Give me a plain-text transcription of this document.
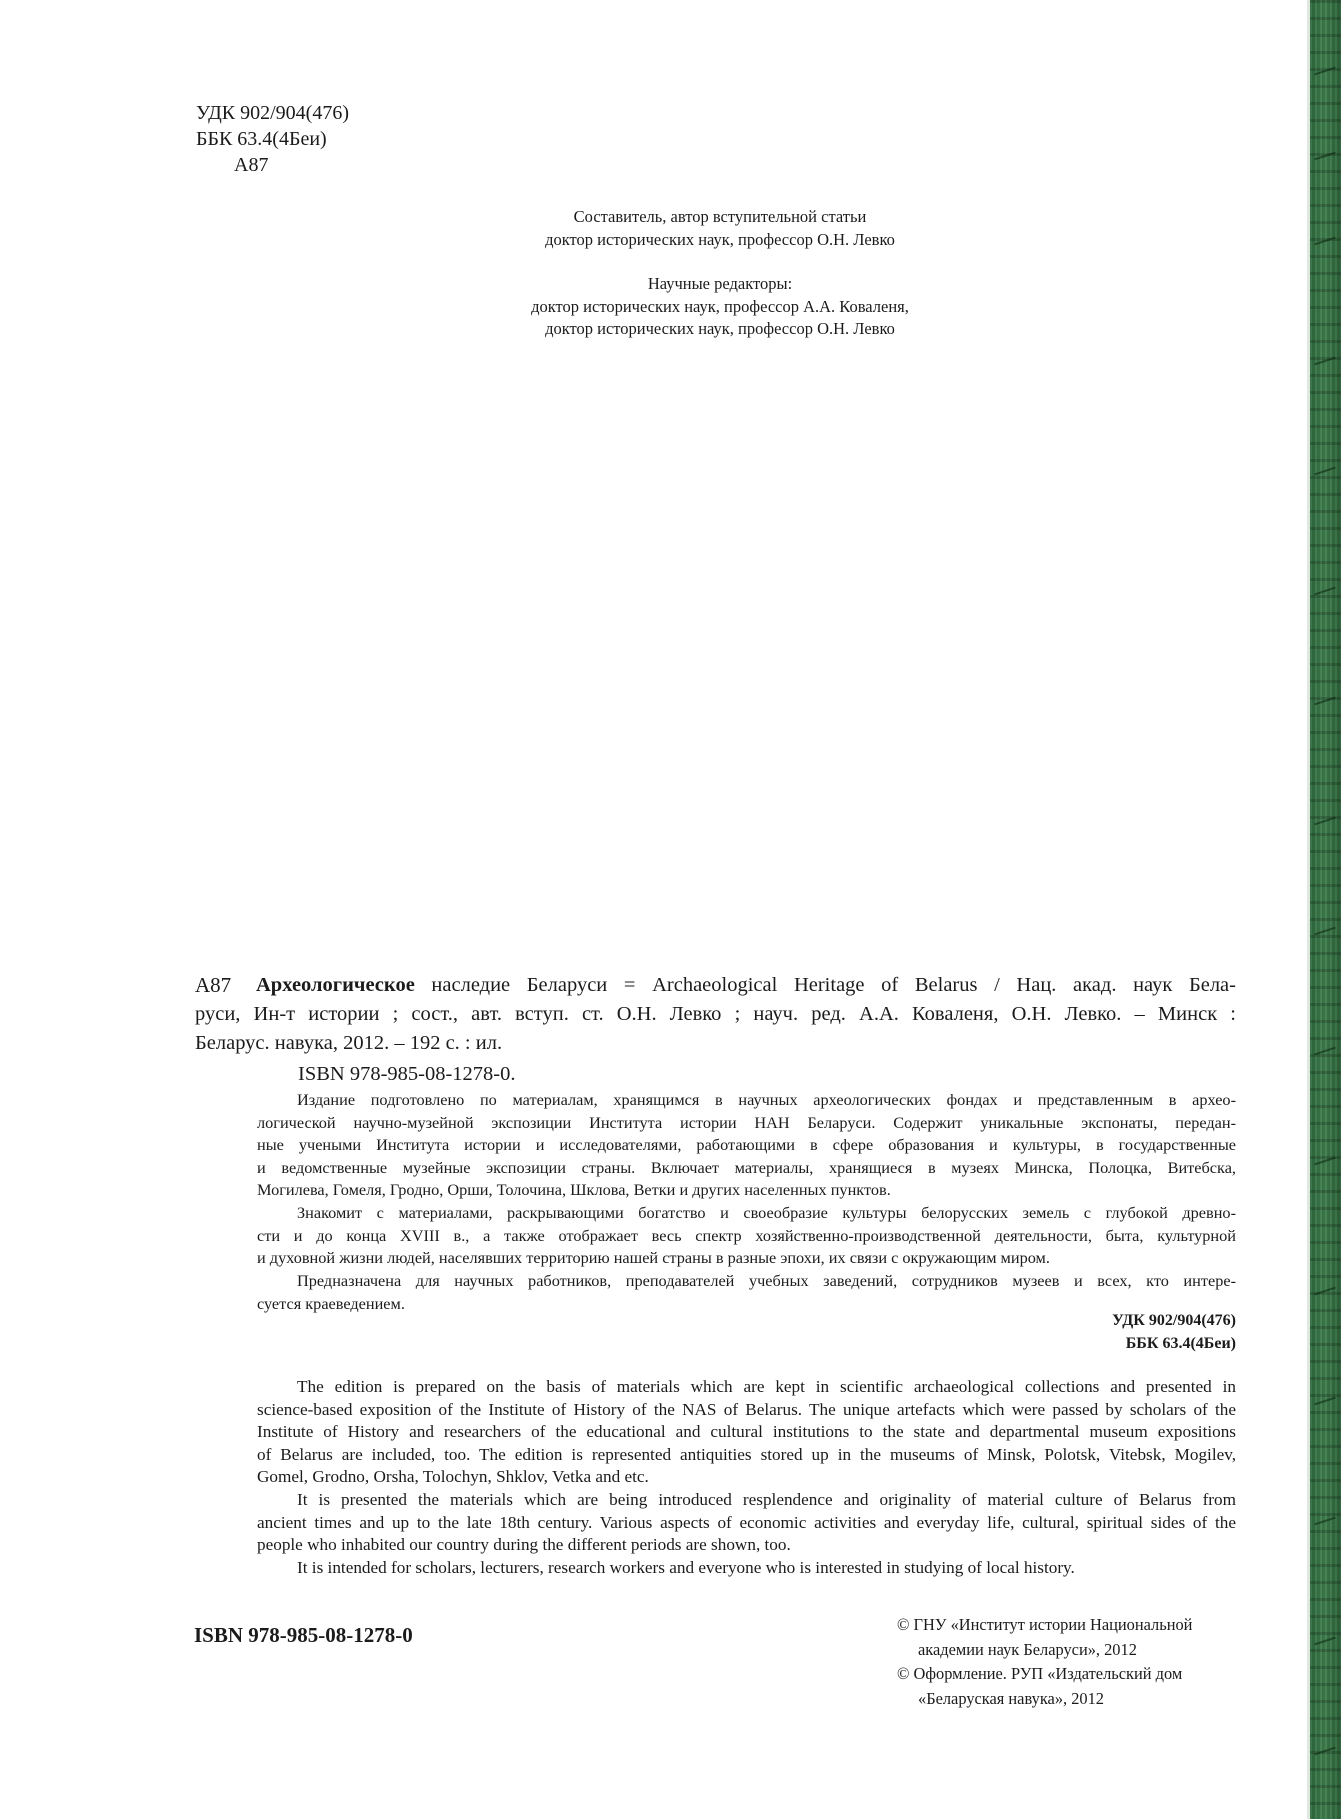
УДК 902/904(476)
ББК 63.4(4Беи)
А87
Составитель, автор вступительной статьи
доктор исторических наук, профессор О.Н. Левко
Научные редакторы:
доктор исторических наук, профессор А.А. Коваленя,
доктор исторических наук, профессор О.Н. Левко
А87 Археологическое наследие Беларуси = Archaeological Heritage of Belarus / Нац. акад. наук Бела-
руси, Ин-т истории ; сост., авт. вступ. ст. О.Н. Левко ; науч. ред. А.А. Коваленя, О.Н. Левко. – Минск :
Беларус. навука, 2012. – 192 с. : ил.
ISBN 978-985-08-1278-0.
Издание подготовлено по материалам, хранящимся в научных археологических фондах и представленным в архео-
логической научно-музейной экспозиции Института истории НАН Беларуси. Содержит уникальные экспонаты, передан-
ные учеными Института истории и исследователями, работающими в сфере образования и культуры, в государственные
и ведомственные музейные экспозиции страны. Включает материалы, хранящиеся в музеях Минска, Полоцка, Витебска,
Могилева, Гомеля, Гродно, Орши, Толочина, Шклова, Ветки и других населенных пунктов.
Знакомит с материалами, раскрывающими богатство и своеобразие культуры белорусских земель с глубокой древно-
сти и до конца XVIII в., а также отображает весь спектр хозяйственно-производственной деятельности, быта, культурной
и духовной жизни людей, населявших территорию нашей страны в разные эпохи, их связи с окружающим миром.
Предназначена для научных работников, преподавателей учебных заведений, сотрудников музеев и всех, кто интере-
суется краеведением.
УДК 902/904(476)
ББК 63.4(4Беи)
The edition is prepared on the basis of materials which are kept in scientific archaeological collections and presented in
science-based exposition of the Institute of History of the NAS of Belarus. The unique artefacts which were passed by scholars of the
Institute of History and researchers of the educational and cultural institutions to the state and departmental museum expositions
of Belarus are included, too. The edition is represented antiquities stored up in the museums of Minsk, Polotsk, Vitebsk, Mogilev,
Gomel, Grodno, Orsha, Tolochyn, Shklov, Vetka and etc.
It is presented the materials which are being introduced resplendence and originality of material culture of Belarus from
ancient times and up to the late 18th century. Various aspects of economic activities and everyday life, cultural, spiritual sides of the
people who inhabited our country during the different periods are shown, too.
It is intended for scholars, lecturers, research workers and everyone who is interested in studying of local history.
ISBN 978-985-08-1278-0	© ГНУ «Институт истории Национальной
академии наук Беларуси», 2012
© Оформление. РУП «Издательский дом
«Беларуская навука», 2012
